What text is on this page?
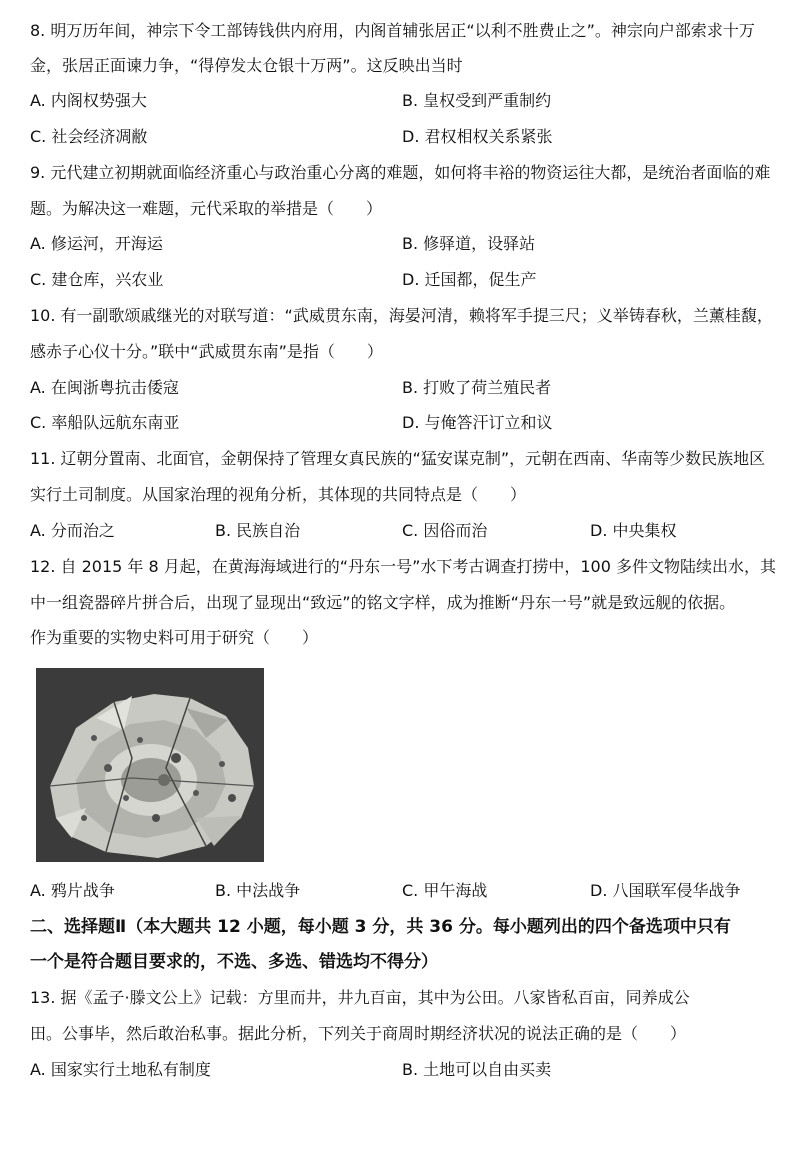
8. 明万历年间，神宗下令工部铸钱供内府用，内阁首辅张居正“以利不胜费止之”。神宗向户部索求十万
金，张居正面谏力争，“得停发太仓银十万两”。这反映出当时
A. 内阁权势强大	B. 皇权受到严重制约
C. 社会经济凋敝	D. 君权相权关系紧张
9. 元代建立初期就面临经济重心与政治重心分离的难题，如何将丰裕的物资运往大都，是统治者面临的难
题。为解决这一难题，元代采取的举措是（　　）
A. 修运河，开海运	B. 修驿道，设驿站
C. 建仓库，兴农业	D. 迁国都，促生产
10. 有一副歌颂戚继光的对联写道：“武威贯东南，海晏河清，赖将军手提三尺；义举铸春秋，兰薰桂馥，
感赤子心仪十分。”联中“武威贯东南”是指（　　）
A. 在闽浙粤抗击倭寇	B. 打败了荷兰殖民者
C. 率船队远航东南亚	D. 与俺答汗订立和议
11. 辽朝分置南、北面官，金朝保持了管理女真民族的“猛安谋克制”，元朝在西南、华南等少数民族地区
实行土司制度。从国家治理的视角分析，其体现的共同特点是（　　）
A. 分而治之	B. 民族自治	C. 因俗而治	D. 中央集权
12. 自 2015 年 8 月起，在黄海海域进行的“丹东一号”水下考古调查打捞中，100 多件文物陆续出水，其
中一组瓷器碎片拼合后，出现了显现出“致远”的铭文字样，成为推断“丹东一号”就是致远舰的依据。
作为重要的实物史料可用于研究（　　）
A. 鸦片战争	B. 中法战争	C. 甲午海战	D. 八国联军侵华战争
二、选择题Ⅱ（本大题共 12 小题，每小题 3 分，共 36 分。每小题列出的四个备选项中只有
一个是符合题目要求的，不选、多选、错选均不得分）
13. 据《孟子·滕文公上》记载：方里而井，井九百亩，其中为公田。八家皆私百亩，同养成公
田。公事毕，然后敢治私事。据此分析，下列关于商周时期经济状况的说法正确的是（　　）
A. 国家实行土地私有制度	B. 土地可以自由买卖
